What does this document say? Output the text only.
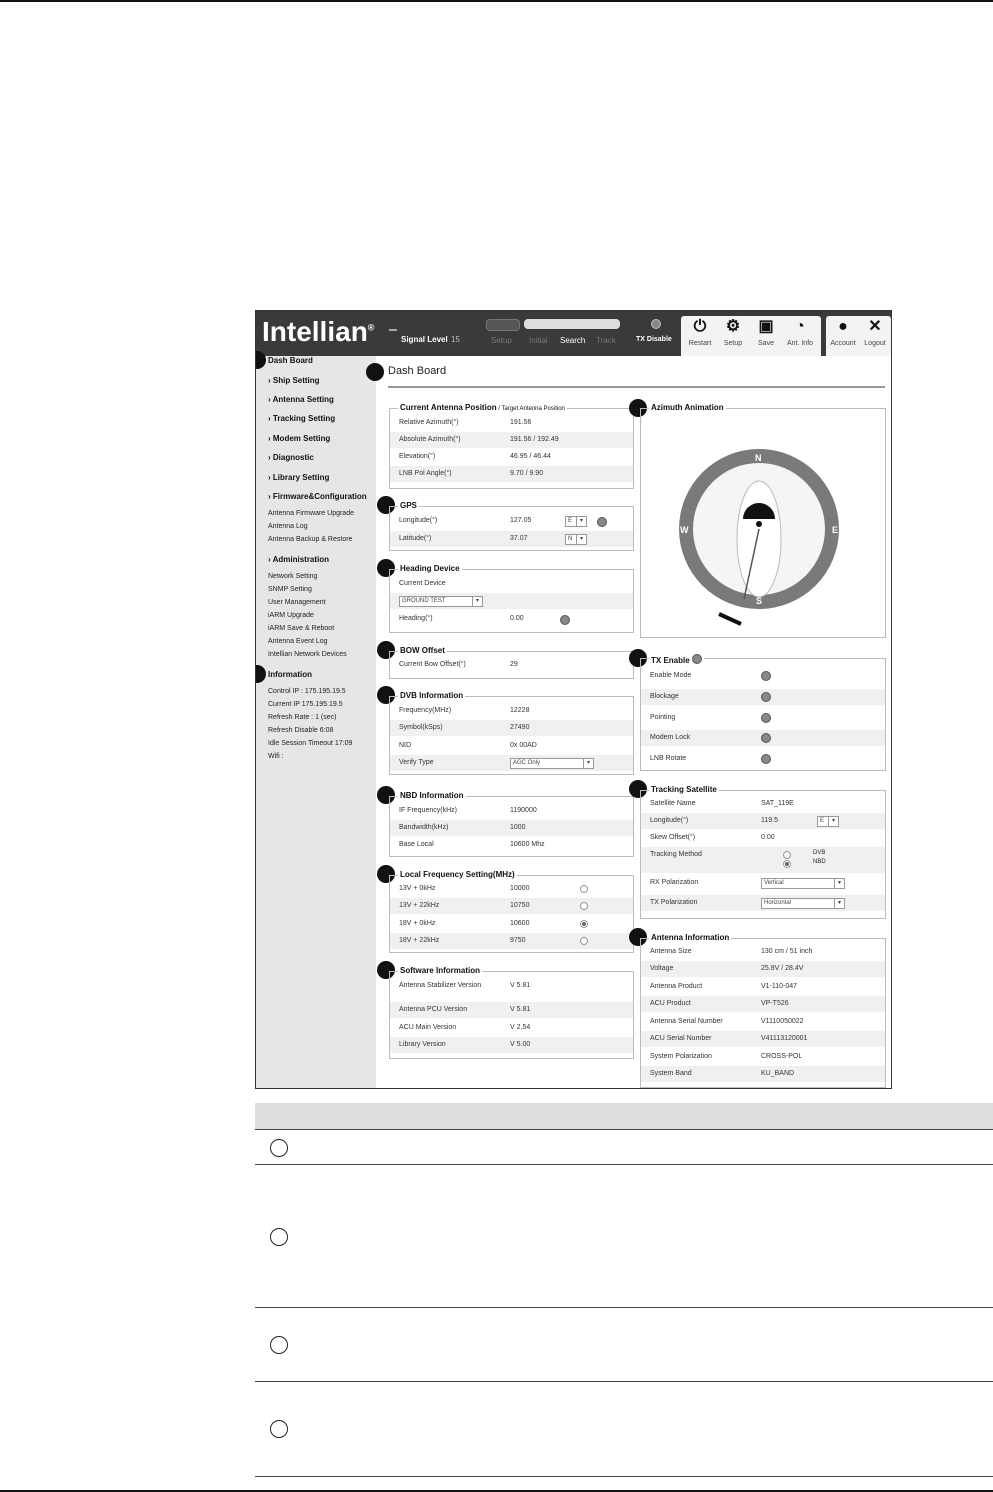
Intellian®
Signal Level 15	Setup Initial Search Track	TX Disable
⏻
Restart
⚙
Setup
▣
Save
◔
Ant. Info
●
Account
✕
Logout
Dash Board
› Ship Setting
› Antenna Setting
› Tracking Setting
› Modem Setting
› Diagnostic
› Library Setting
› Firmware&Configuration
Antenna Firmware Upgrade
Antenna Log
Antenna Backup & Restore
› Administration
Network Setting
SNMP Setting
User Management
iARM Upgrade
iARM Save & Reboot
Antenna Event Log
Intellian Network Devices
Information
Control IP : 175.195.19.5
Current IP 175.195.19.5
Refresh Rate : 1 (sec)
Refresh Disable 6:08
Idle Session Timeout 17:09
Wifi :
Dash Board
Current Antenna Position / Target Antenna Position
Relative Azimuth(°)	191.56
Absolute Azimuth(°)	191.56 / 192.49
Elevation(°)	46.95 / 46.44
LNB Pol Angle(°)	9.70 / 9.90
GPS
Longitude(°)	127.05	E	▾
Latitude(°)	37.07	N	▾
Heading Device
Current Device
GROUND TEST	▾
Heading(°)	0.00
BOW Offset
Current Bow Offset(°)	29
DVB Information
Frequency(MHz)	12228
Symbol(kSps)	27490
NID	0x 00AD
Verify Type	AGC Only	▾
NBD Information
IF Frequency(kHz)	1190000
Bandwidth(kHz)	1000
Base Local	10600 Mhz
Local Frequency Setting(MHz)
13V + 0kHz	10000
13V + 22kHz	10750
18V + 0kHz	10600
18V + 22kHz	9750
Software Information
Antenna Stabilizer Version	V 5.81
Antenna PCU Version	V 5.81
ACU Main Version	V 2.54
Library Version	V 5.00
Azimuth Animation
N
E
S
W
TX Enable
Enable Mode
Blockage
Pointing
Modem Lock
LNB Rotate
Tracking Satellite
Satellite Name	SAT_119E
Longitude(°)	119.5	E	▾
Skew Offset(°)	0.00
Tracking Method	DVB
NBD
RX Polarization	Vertical	▾
TX Polarization	Horizontal	▾
Antenna Information
Antenna Size	130 cm / 51 inch
Voltage	25.8V / 28.4V
Antenna Product	V1-110-047
ACU Product	VP-T526
Antenna Serial Number	V1110050022
ACU Serial Number	V41113120001
System Polarization	CROSS-POL
System Band	KU_BAND
